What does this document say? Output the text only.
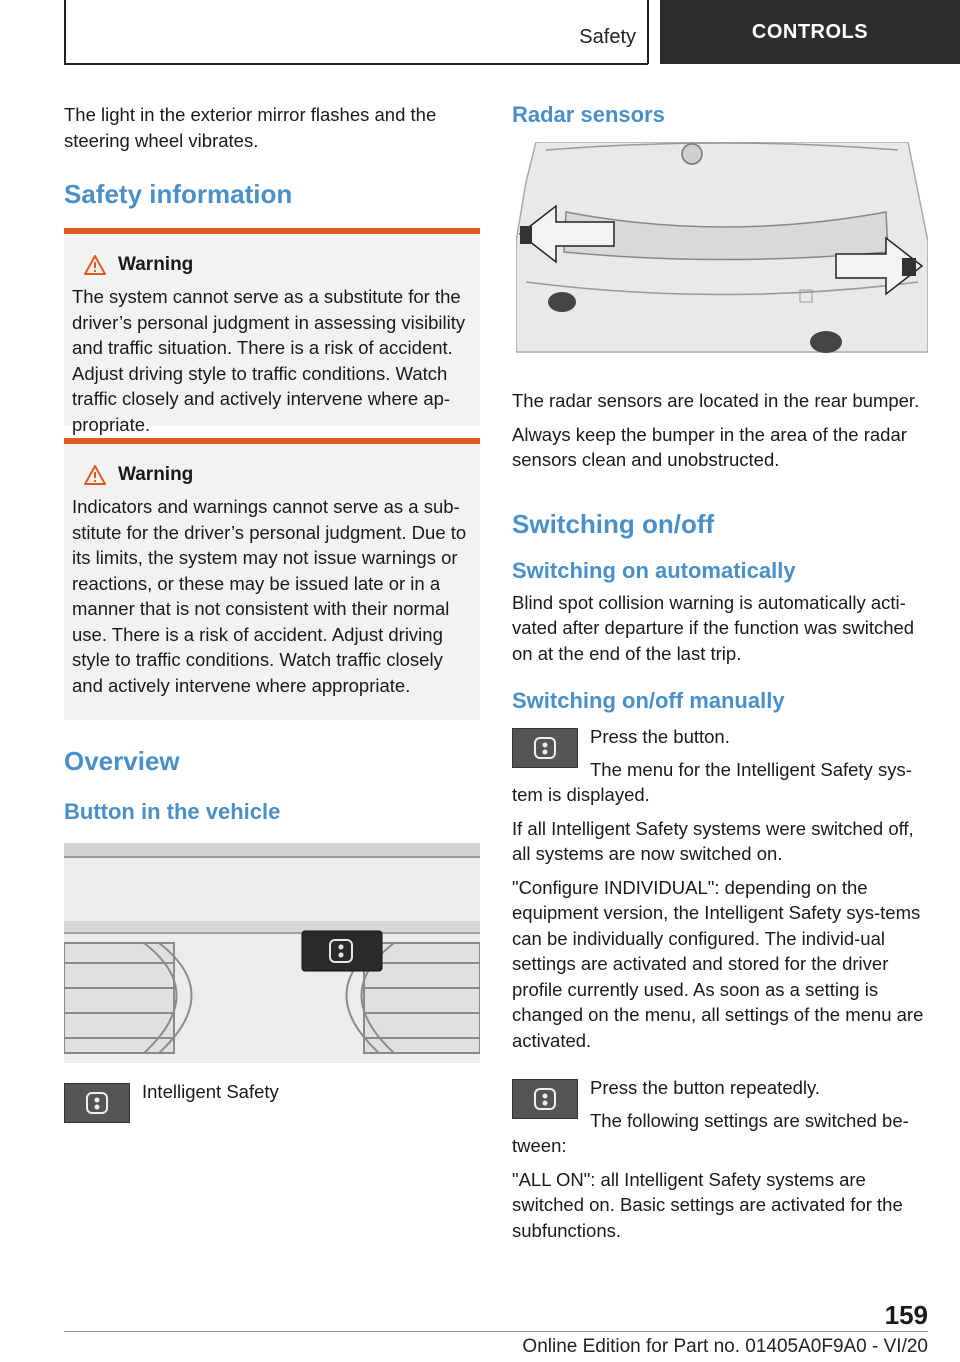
Safety	CONTROLS

The light in the exterior mirror flashes and the steering wheel vibrates.

Safety information
Warning

The system cannot serve as a substitute for the driver’s personal judgment in assessing visibility and traffic situation. There is a risk of accident. Adjust driving style to traffic conditions. Watch traffic closely and actively intervene where ap-propriate.

Warning

Indicators and warnings cannot serve as a sub-stitute for the driver’s personal judgment. Due to its limits, the system may not issue warnings or reactions, or these may be issued late or in a manner that is not consistent with their normal use. There is a risk of accident. Adjust driving style to traffic conditions. Watch traffic closely and actively intervene where appropriate.

Overview
Button in the vehicle

Intelligent Safety

Radar sensors

The radar sensors are located in the rear bumper.

Always keep the bumper in the area of the radar sensors clean and unobstructed.

Switching on/off
Switching on automatically

Blind spot collision warning is automatically acti-vated after departure if the function was switched on at the end of the last trip.

Switching on/off manually

Press the button.

The menu for the Intelligent Safety sys-

tem is displayed.

If all Intelligent Safety systems were switched off, all systems are now switched on.

"Configure INDIVIDUAL": depending on the equipment version, the Intelligent Safety sys-tems can be individually configured. The individ-ual settings are activated and stored for the driver profile currently used. As soon as a setting is changed on the menu, all settings of the menu are activated.

Press the button repeatedly.

The following settings are switched be-

tween:

"ALL ON": all Intelligent Safety systems are switched on. Basic settings are activated for the subfunctions.

159
Online Edition for Part no. 01405A0F9A0 - VI/20
